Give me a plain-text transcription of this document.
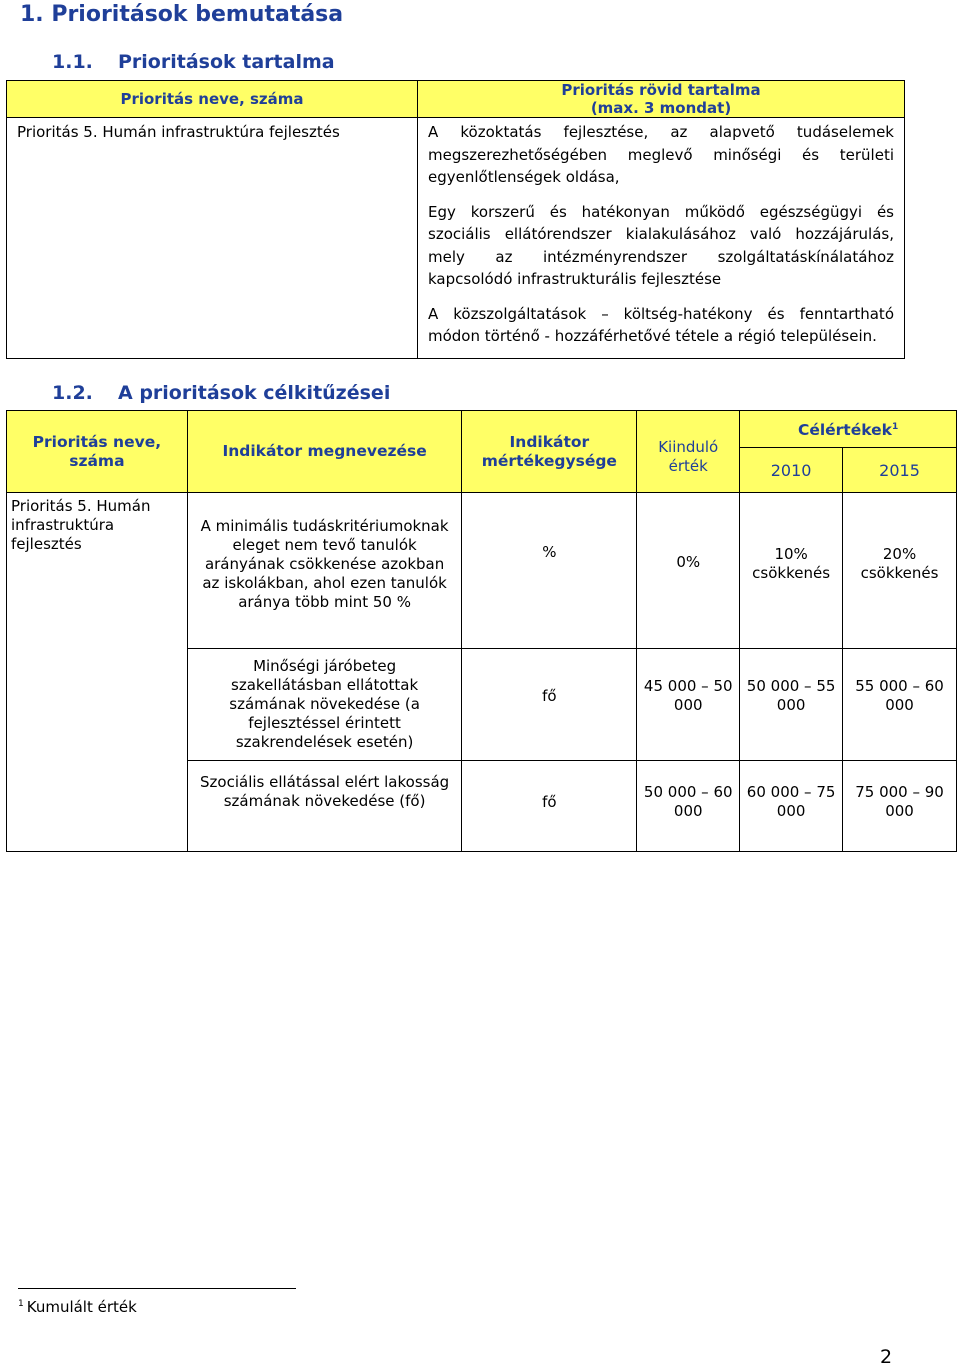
1. Prioritások bemutatása
1.1. Prioritások tartalma
Prioritás neve, száma	Prioritás rövid tartalma
(max. 3 mondat)

Prioritás 5. Humán infrastruktúra fejlesztés	A közoktatás fejlesztése, az alapvető tudáselemek megszerezhetőségében meglevő minőségi és területi egyenlőtlenségek oldása,

Egy korszerű és hatékonyan működő egészségügyi és szociális ellátórendszer kialakulásához való hozzájárulás, mely az intézményrendszer szolgáltatáskínálatához kapcsolódó infrastrukturális fejlesztése

A közszolgáltatások – költség-hatékony és fenntartható módon történő - hozzáférhetővé tétele a régió településein.

1.2. A prioritások célkitűzései
Prioritás neve, száma	Indikátor megnevezése	Indikátor mértékegysége	Kiinduló érték	Célértékek$^1$
				2010	2015
Prioritás 5. Humán infrastruktúra fejlesztés	A minimális tudáskritériumoknak eleget nem tevő tanulók arányának csökkenése azokban az iskolákban, ahol ezen tanulók aránya több mint 50 %	%	0%	10% csökkenés	20% csökkenés
	Minőségi járóbeteg szakellátásban ellátottak számának növekedése (a fejlesztéssel érintett szakrendelések esetén)	fő	45 000 – 50 000	50 000 – 55 000	55 000 – 60 000
	Szociális ellátással elért lakosság számának növekedése (fő)	fő	50 000 – 60 000	60 000 – 75 000	75 000 – 90 000
$^1$ Kumulált érték
2
